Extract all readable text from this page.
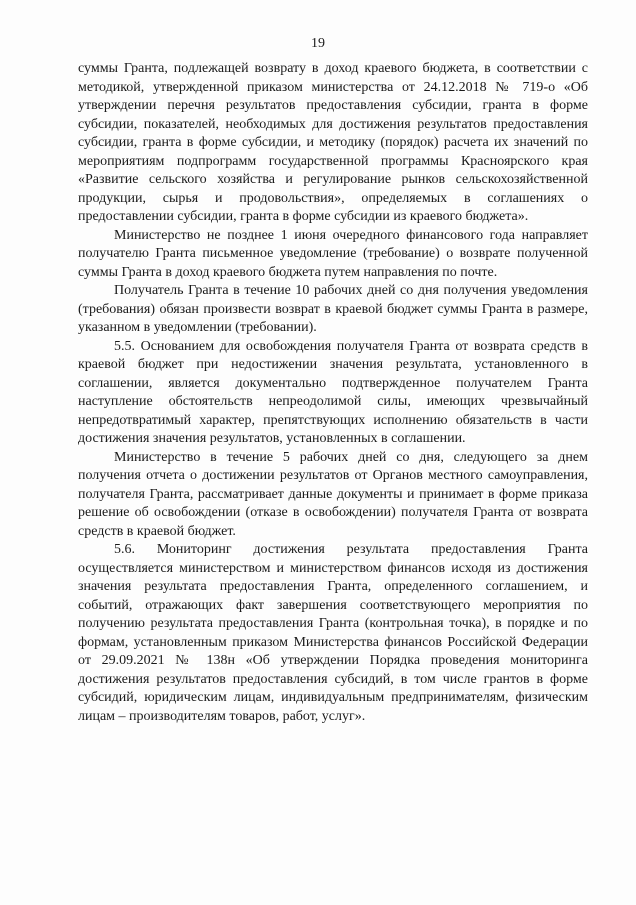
19

суммы Гранта, подлежащей возврату в доход краевого бюджета, в соответствии с методикой, утвержденной приказом министерства от 24.12.2018 № 719-о «Об утверждении перечня результатов предоставления субсидии, гранта в форме субсидии, показателей, необходимых для достижения результатов предоставления субсидии, гранта в форме субсидии, и методику (порядок) расчета их значений по мероприятиям подпрограмм государственной программы Красноярского края «Развитие сельского хозяйства и регулирование рынков сельскохозяйственной продукции, сырья и продовольствия», определяемых в соглашениях о предоставлении субсидии, гранта в форме субсидии из краевого бюджета».

Министерство не позднее 1 июня очередного финансового года направляет получателю Гранта письменное уведомление (требование) о возврате полученной суммы Гранта в доход краевого бюджета путем направления по почте.

Получатель Гранта в течение 10 рабочих дней со дня получения уведомления (требования) обязан произвести возврат в краевой бюджет суммы Гранта в размере, указанном в уведомлении (требовании).

5.5. Основанием для освобождения получателя Гранта от возврата средств в краевой бюджет при недостижении значения результата, установленного в соглашении, является документально подтвержденное получателем Гранта наступление обстоятельств непреодолимой силы, имеющих чрезвычайный непредотвратимый характер, препятствующих исполнению обязательств в части достижения значения результатов, установленных в соглашении.

Министерство в течение 5 рабочих дней со дня, следующего за днем получения отчета о достижении результатов от Органов местного самоуправления, получателя Гранта, рассматривает данные документы и принимает в форме приказа решение об освобождении (отказе в освобождении) получателя Гранта от возврата средств в краевой бюджет.

5.6. Мониторинг достижения результата предоставления Гранта осуществляется министерством и министерством финансов исходя из достижения значения результата предоставления Гранта, определенного соглашением, и событий, отражающих факт завершения соответствующего мероприятия по получению результата предоставления Гранта (контрольная точка), в порядке и по формам, установленным приказом Министерства финансов Российской Федерации от 29.09.2021 № 138н «Об утверждении Порядка проведения мониторинга достижения результатов предоставления субсидий, в том числе грантов в форме субсидий, юридическим лицам, индивидуальным предпринимателям, физическим лицам – производителям товаров, работ, услуг».
